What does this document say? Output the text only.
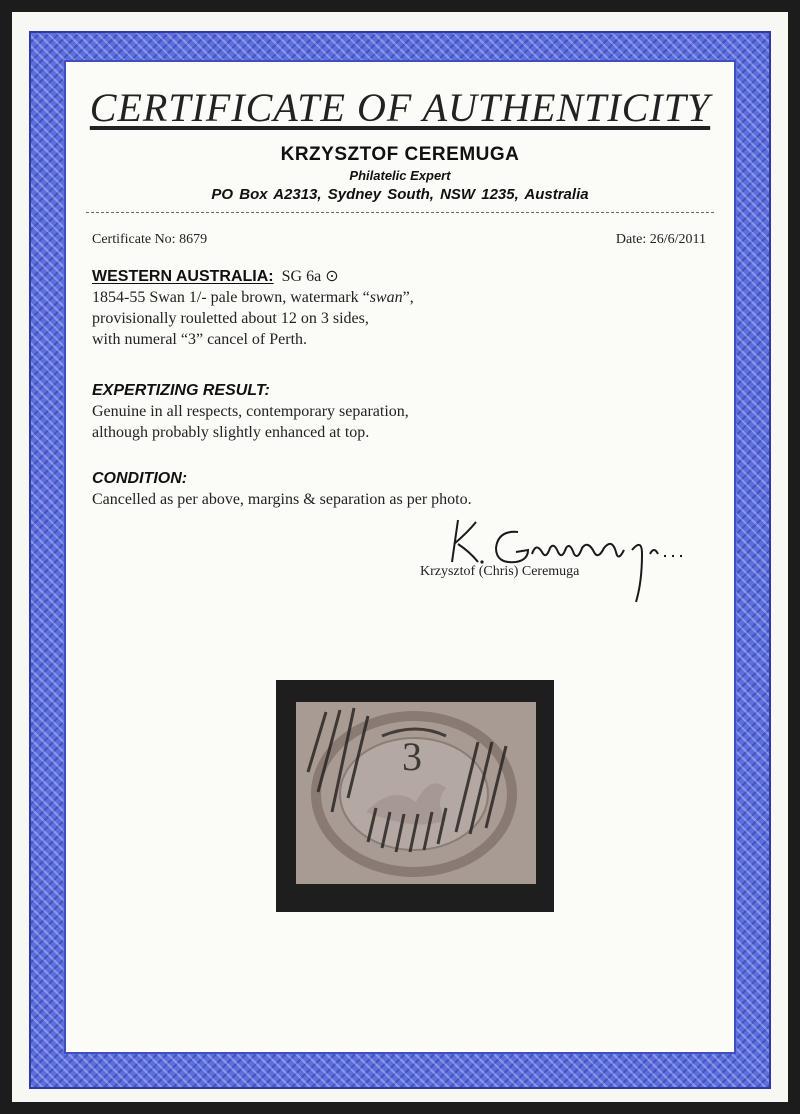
CERTIFICATE OF AUTHENTICITY
KRZYSZTOF CEREMUGA
Philatelic Expert
PO Box A2313, Sydney South, NSW 1235, Australia
Certificate No: 8679	Date: 26/6/2011
WESTERN AUSTRALIA: SG 6a ⊙
1854-55 Swan 1/- pale brown, watermark “swan”,
provisionally rouletted about 12 on 3 sides,
with numeral “3” cancel of Perth.
EXPERTIZING RESULT:
Genuine in all respects, contemporary separation,
although probably slightly enhanced at top.
CONDITION:
Cancelled as per above, margins & separation as per photo.
Krzysztof (Chris) Ceremuga
3
